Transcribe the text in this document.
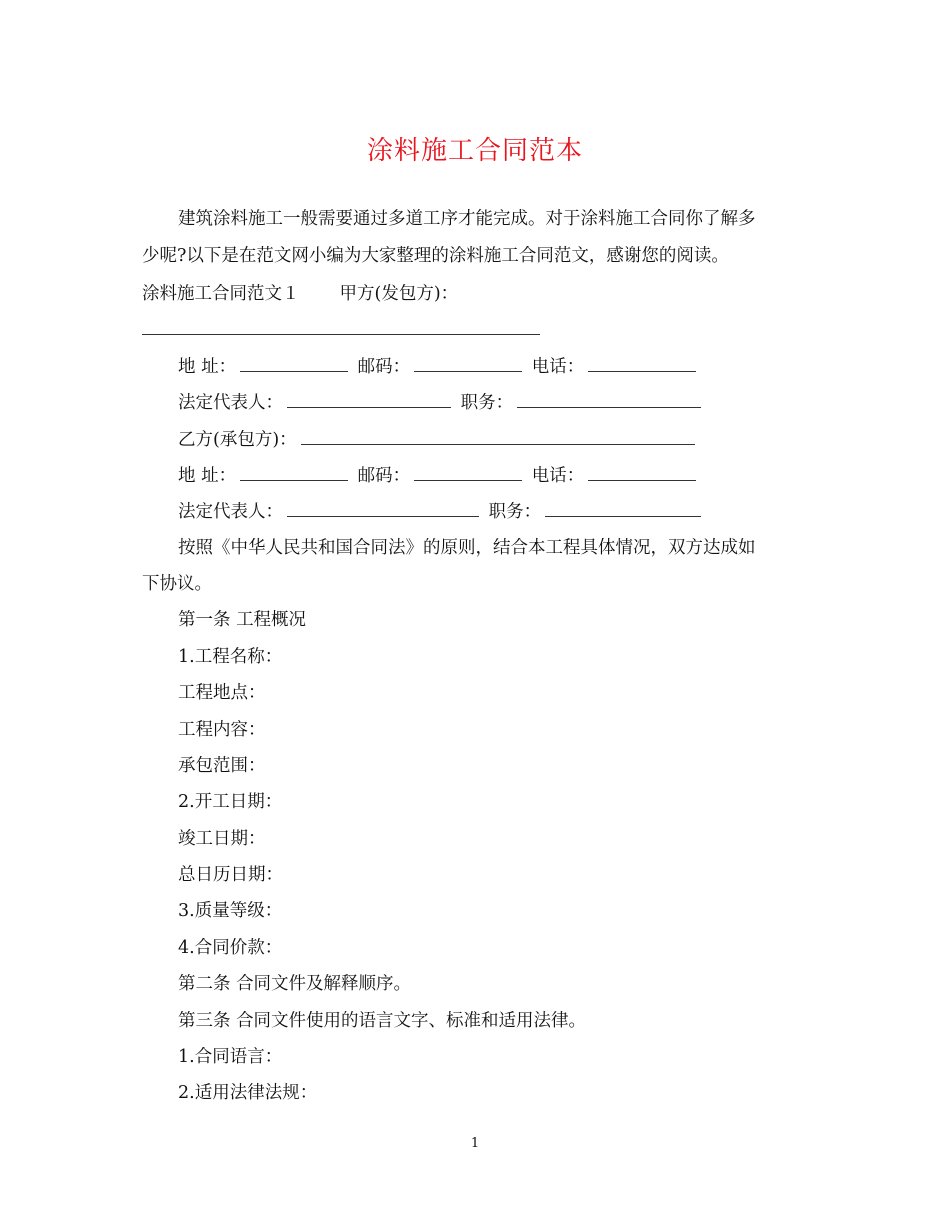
涂料施工合同范本
建筑涂料施工一般需要通过多道工序才能完成。对于涂料施工合同你了解多
少呢?以下是在范文网小编为大家整理的涂料施工合同范文，感谢您的阅读。
涂料施工合同范文１ 甲方(发包方)：
地 址：	邮码：	电话：
法定代表人：	职务：
乙方(承包方)：
地 址：	邮码：	电话：
法定代表人：	职务：
按照《中华人民共和国合同法》的原则，结合本工程具体情况，双方达成如
下协议。
第一条 工程概况
1.工程名称：
工程地点：
工程内容：
承包范围：
2.开工日期：
竣工日期：
总日历日期：
3.质量等级：
4.合同价款：
第二条 合同文件及解释顺序。
第三条 合同文件使用的语言文字、标准和适用法律。
1.合同语言：
2.适用法律法规：
1
